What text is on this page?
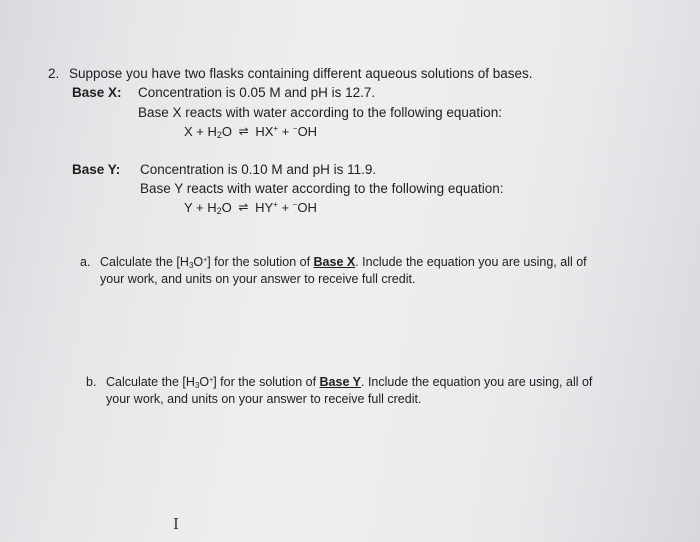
2. Suppose you have two flasks containing different aqueous solutions of bases.
Base X: Concentration is 0.05 M and pH is 12.7.
Base X reacts with water according to the following equation:
$X + H_2O$ ⇌ HX+ + −OH
Base Y: Concentration is 0.10 M and pH is 11.9.
Base Y reacts with water according to the following equation:
$Y + H_2O$ ⇌ HY+ + −OH
a. Calculate the $[H_3O^+]$ for the solution of Base X. Include the equation you are using, all of
your work, and units on your answer to receive full credit.
b. Calculate the $[H_3O^+]$ for the solution of Base Y. Include the equation you are using, all of
your work, and units on your answer to receive full credit.
I
